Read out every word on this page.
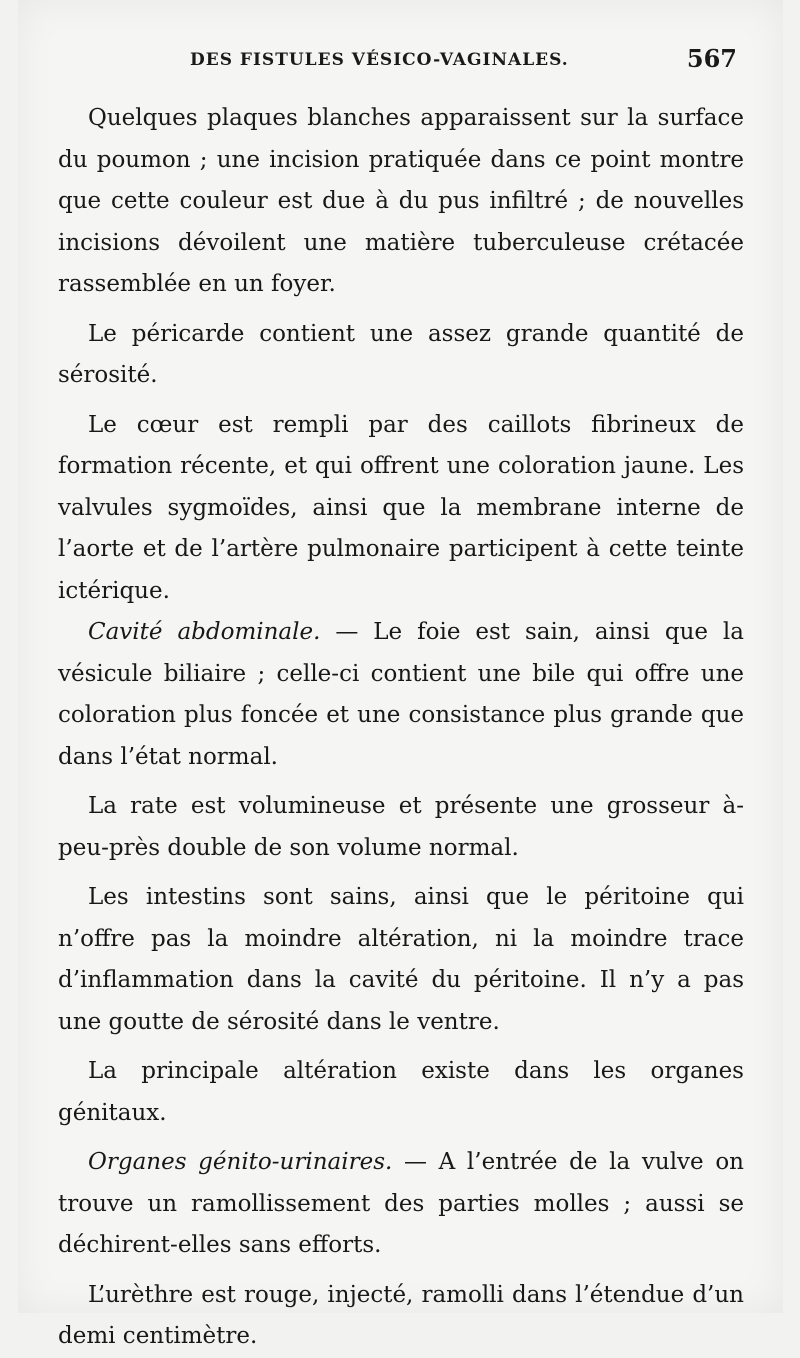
DES FISTULES VÉSICO-VAGINALES.	567

Quelques plaques blanches apparaissent sur la surface du poumon ; une incision pratiquée dans ce point montre que cette couleur est due à du pus infiltré ; de nouvelles incisions dévoilent une matière tuberculeuse crétacée rassemblée en un foyer.

Le péricarde contient une assez grande quantité de sérosité.

Le cœur est rempli par des caillots fibrineux de formation récente, et qui offrent une coloration jaune. Les valvules sygmoïdes, ainsi que la membrane interne de l’aorte et de l’artère pulmonaire participent à cette teinte ictérique.

Cavité abdominale. — Le foie est sain, ainsi que la vésicule biliaire ; celle-ci contient une bile qui offre une coloration plus foncée et une consistance plus grande que dans l’état normal.

La rate est volumineuse et présente une grosseur à-peu-près double de son volume normal.

Les intestins sont sains, ainsi que le péritoine qui n’offre pas la moindre altération, ni la moindre trace d’inflammation dans la cavité du péritoine. Il n’y a pas une goutte de sérosité dans le ventre.

La principale altération existe dans les organes génitaux.

Organes génito-urinaires. — A l’entrée de la vulve on trouve un ramollissement des parties molles ; aussi se déchirent-elles sans efforts.

L’urèthre est rouge, injecté, ramolli dans l’étendue d’un demi centimètre.
